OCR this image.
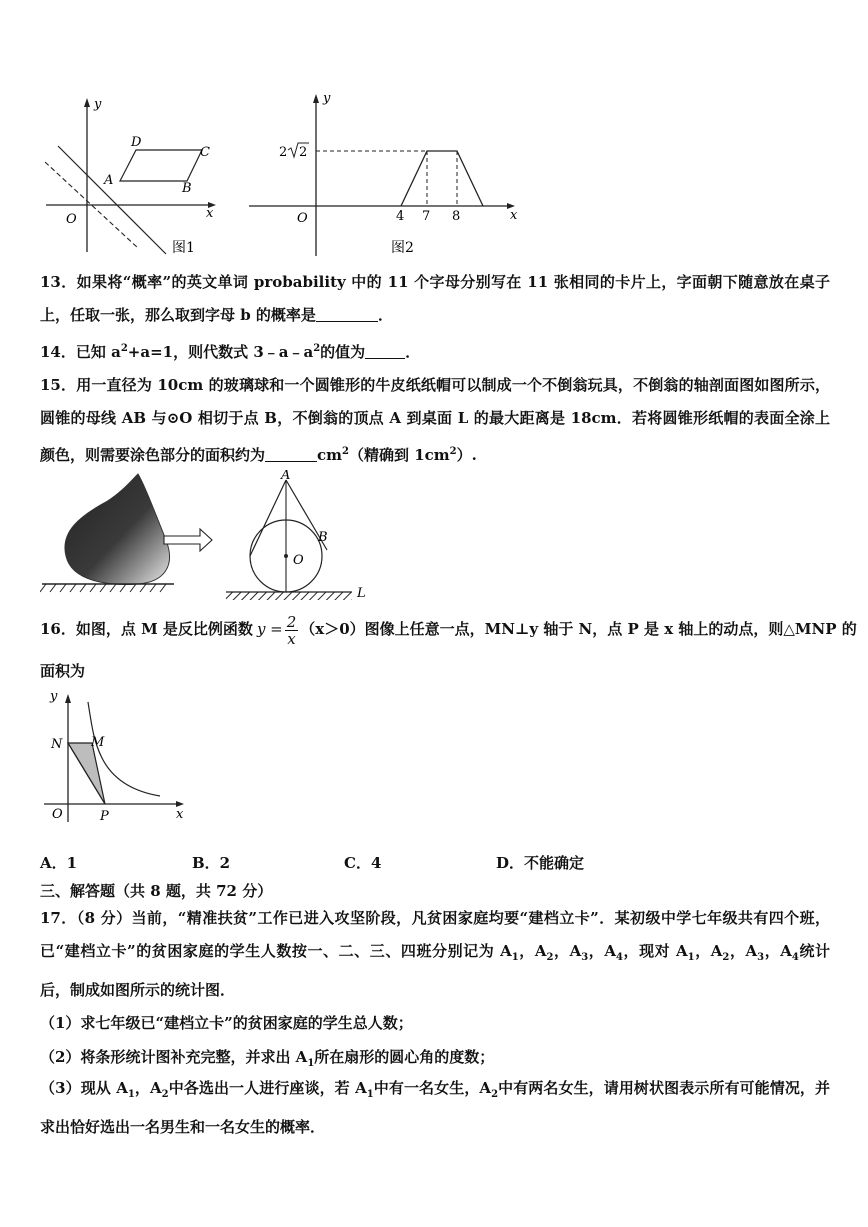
y
x
O
A
B
C
D
图1
y
x
O
2 2
4 7 8
图2
13．如果将“概率”的英文单词 probability 中的 11 个字母分别写在 11 张相同的卡片上，字面朝下随意放在桌子上，任取一张，那么取到字母 b 的概率是	．
14．已知 $a^2+a=1$，则代数式 $3﹣a﹣a^2$的值为	．
15．用一直径为 10cm 的玻璃球和一个圆锥形的牛皮纸纸帽可以制成一个不倒翁玩具，不倒翁的轴剖面图如图所示，圆锥的母线 AB 与⊙O 相切于点 B，不倒翁的顶点 A 到桌面 L 的最大距离是 18cm．若将圆锥形纸帽的表面全涂上颜色，则需要涂色部分的面积约为	$cm^2$（精确到 $1cm^2$）.
A
B
O
L
16．如图，点 M 是反比例函数 $y = \frac{2}{x} (x>0)$图像上任意一点，MN⊥y 轴于 N，点 P 是 x 轴上的动点，则△MNP 的
面积为
y
x
O
N M
P
A．1	B．2	C．4	D．不能确定
三、解答题（共 8 题，共 72 分）
17．（8 分）当前，“精准扶贫”工作已进入攻坚阶段，凡贫困家庭均要“建档立卡”．某初级中学七年级共有四个班，已“建档立卡”的贫困家庭的学生人数按一、二、三、四班分别记为 $A_1$，$A_2$，$A_3$，$A_4$，现对 $A_1$，$A_2$，$A_3$，$A_4$统计后，制成如图所示的统计图．
（1）求七年级已“建档立卡”的贫困家庭的学生总人数；
（2）将条形统计图补充完整，并求出 $A_1$所在扇形的圆心角的度数；
（3）现从 $A_1$，$A_2$中各选出一人进行座谈，若 $A_1$中有一名女生，$A_2$中有两名女生，请用树状图表示所有可能情况，并求出恰好选出一名男生和一名女生的概率．
